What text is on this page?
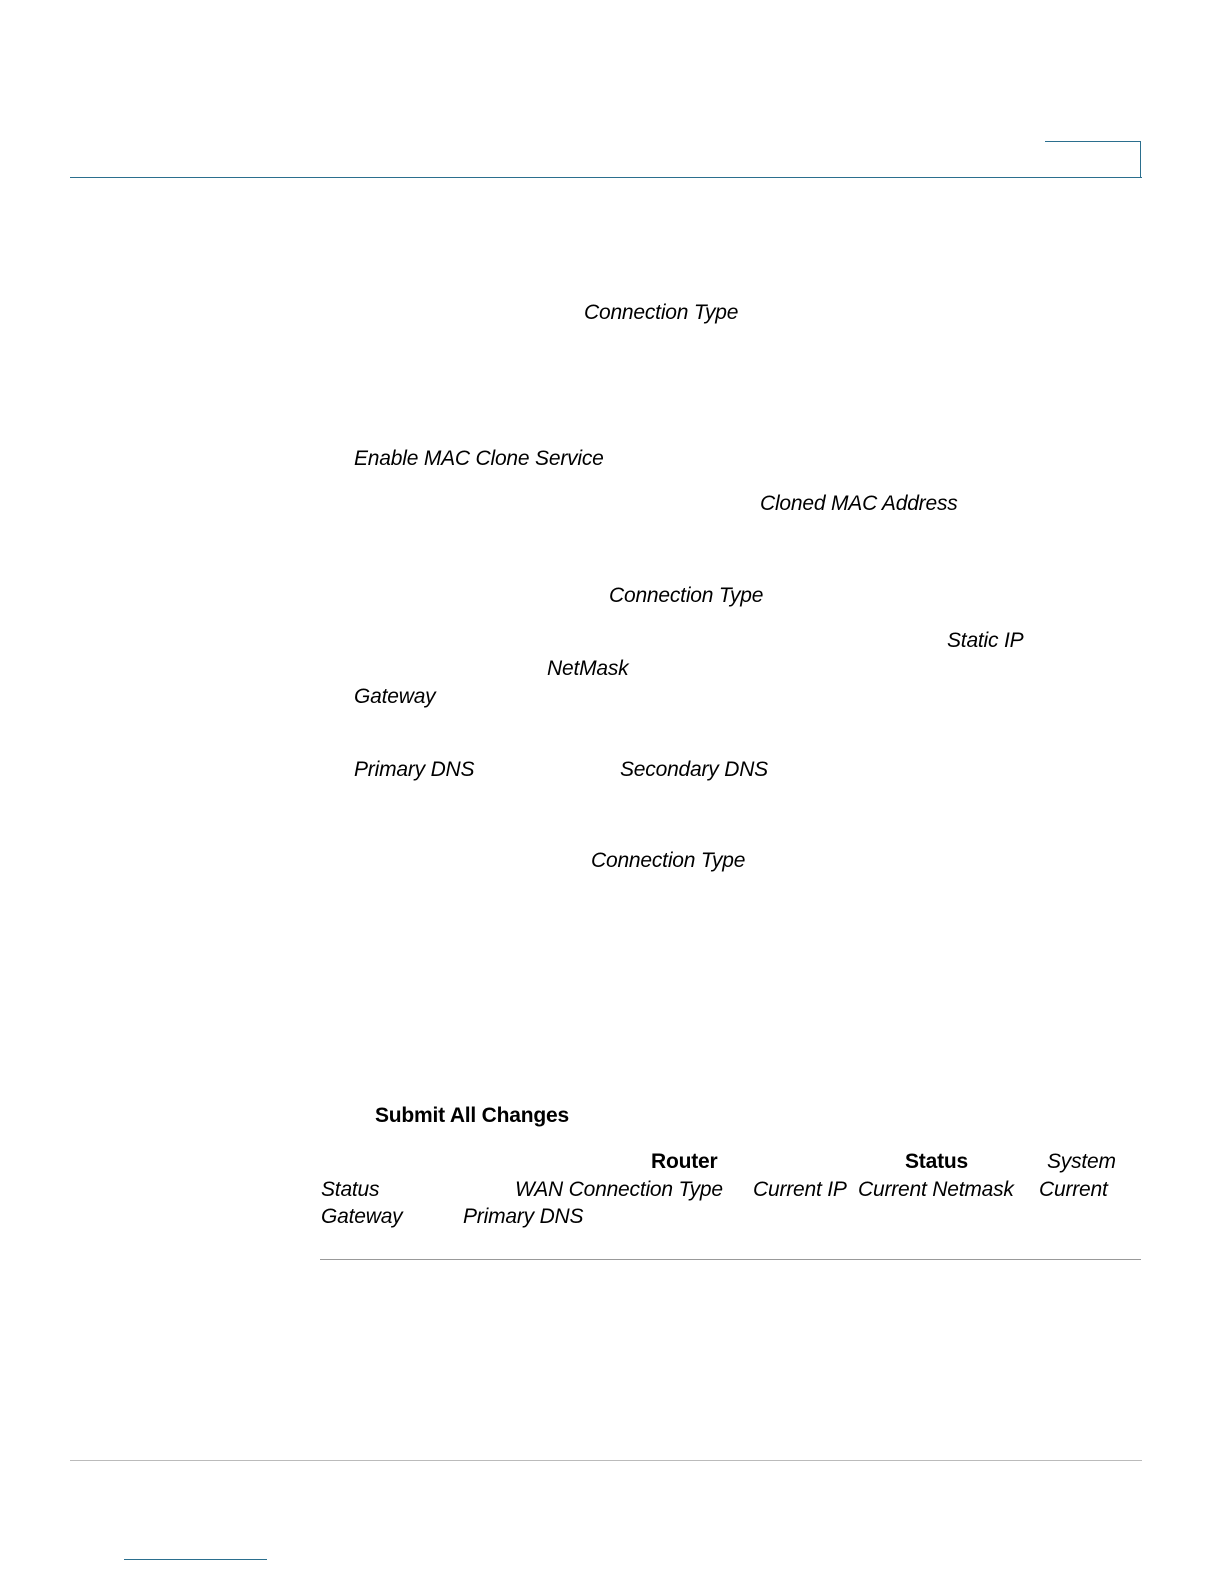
Connection Type
Enable MAC Clone Service
Cloned MAC Address
Connection Type
Static IP
NetMask
Gateway
Primary DNS	Secondary DNS
Connection Type
Submit All Changes
Router	Status	System
Status	WAN Connection Type Current IP Current Netmask Current
Gateway	Primary DNS
